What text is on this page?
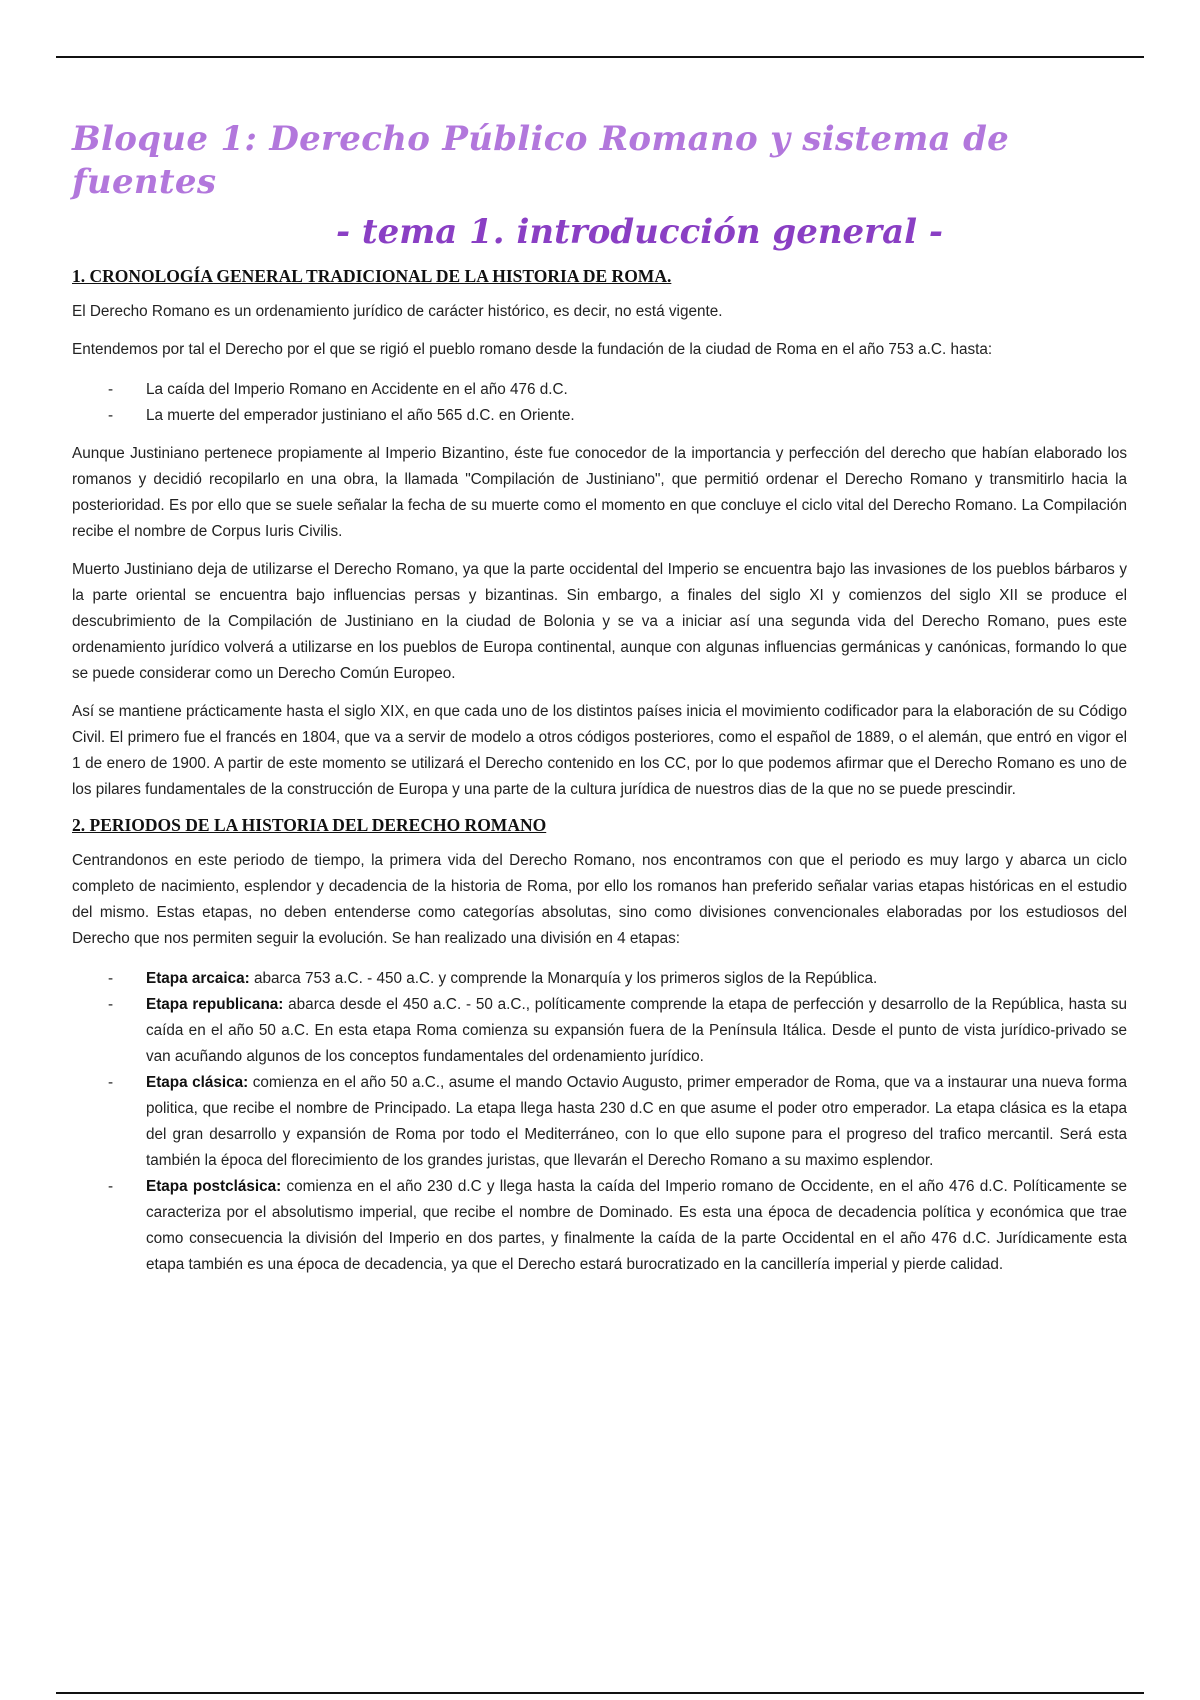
Bloque 1: Derecho Público Romano y sistema de fuentes
- tema 1. introducción general -
1. CRONOLOGÍA GENERAL TRADICIONAL DE LA HISTORIA DE ROMA.

El Derecho Romano es un ordenamiento jurídico de carácter histórico, es decir, no está vigente.

Entendemos por tal el Derecho por el que se rigió el pueblo romano desde la fundación de la ciudad de Roma en el año 753 a.C. hasta:

- La caída del Imperio Romano en Accidente en el año 476 d.C.
- La muerte del emperador justiniano el año 565 d.C. en Oriente.

Aunque Justiniano pertenece propiamente al Imperio Bizantino, éste fue conocedor de la importancia y perfección del derecho que habían elaborado los romanos y decidió recopilarlo en una obra, la llamada "Compilación de Justiniano", que permitió ordenar el Derecho Romano y transmitirlo hacia la posterioridad. Es por ello que se suele señalar la fecha de su muerte como el momento en que concluye el ciclo vital del Derecho Romano. La Compilación recibe el nombre de Corpus Iuris Civilis.

Muerto Justiniano deja de utilizarse el Derecho Romano, ya que la parte occidental del Imperio se encuentra bajo las invasiones de los pueblos bárbaros y la parte oriental se encuentra bajo influencias persas y bizantinas. Sin embargo, a finales del siglo XI y comienzos del siglo XII se produce el descubrimiento de la Compilación de Justiniano en la ciudad de Bolonia y se va a iniciar así una segunda vida del Derecho Romano, pues este ordenamiento jurídico volverá a utilizarse en los pueblos de Europa continental, aunque con algunas influencias germánicas y canónicas, formando lo que se puede considerar como un Derecho Común Europeo.

Así se mantiene prácticamente hasta el siglo XIX, en que cada uno de los distintos países inicia el movimiento codificador para la elaboración de su Código Civil. El primero fue el francés en 1804, que va a servir de modelo a otros códigos posteriores, como el español de 1889, o el alemán, que entró en vigor el 1 de enero de 1900. A partir de este momento se utilizará el Derecho contenido en los CC, por lo que podemos afirmar que el Derecho Romano es uno de los pilares fundamentales de la construcción de Europa y una parte de la cultura jurídica de nuestros dias de la que no se puede prescindir.

2. PERIODOS DE LA HISTORIA DEL DERECHO ROMANO

Centrandonos en este periodo de tiempo, la primera vida del Derecho Romano, nos encontramos con que el periodo es muy largo y abarca un ciclo completo de nacimiento, esplendor y decadencia de la historia de Roma, por ello los romanos han preferido señalar varias etapas históricas en el estudio del mismo. Estas etapas, no deben entenderse como categorías absolutas, sino como divisiones convencionales elaboradas por los estudiosos del Derecho que nos permiten seguir la evolución. Se han realizado una división en 4 etapas:

- Etapa arcaica: abarca 753 a.C. - 450 a.C. y comprende la Monarquía y los primeros siglos de la República.
- Etapa republicana: abarca desde el 450 a.C. - 50 a.C., políticamente comprende la etapa de perfección y desarrollo de la República, hasta su caída en el año 50 a.C. En esta etapa Roma comienza su expansión fuera de la Península Itálica. Desde el punto de vista jurídico-privado se van acuñando algunos de los conceptos fundamentales del ordenamiento jurídico.
- Etapa clásica: comienza en el año 50 a.C., asume el mando Octavio Augusto, primer emperador de Roma, que va a instaurar una nueva forma politica, que recibe el nombre de Principado. La etapa llega hasta 230 d.C en que asume el poder otro emperador. La etapa clásica es la etapa del gran desarrollo y expansión de Roma por todo el Mediterráneo, con lo que ello supone para el progreso del trafico mercantil. Será esta también la época del florecimiento de los grandes juristas, que llevarán el Derecho Romano a su maximo esplendor.
- Etapa postclásica: comienza en el año 230 d.C y llega hasta la caída del Imperio romano de Occidente, en el año 476 d.C. Políticamente se caracteriza por el absolutismo imperial, que recibe el nombre de Dominado. Es esta una época de decadencia política y económica que trae como consecuencia la división del Imperio en dos partes, y finalmente la caída de la parte Occidental en el año 476 d.C. Jurídicamente esta etapa también es una época de decadencia, ya que el Derecho estará burocratizado en la cancillería imperial y pierde calidad.
